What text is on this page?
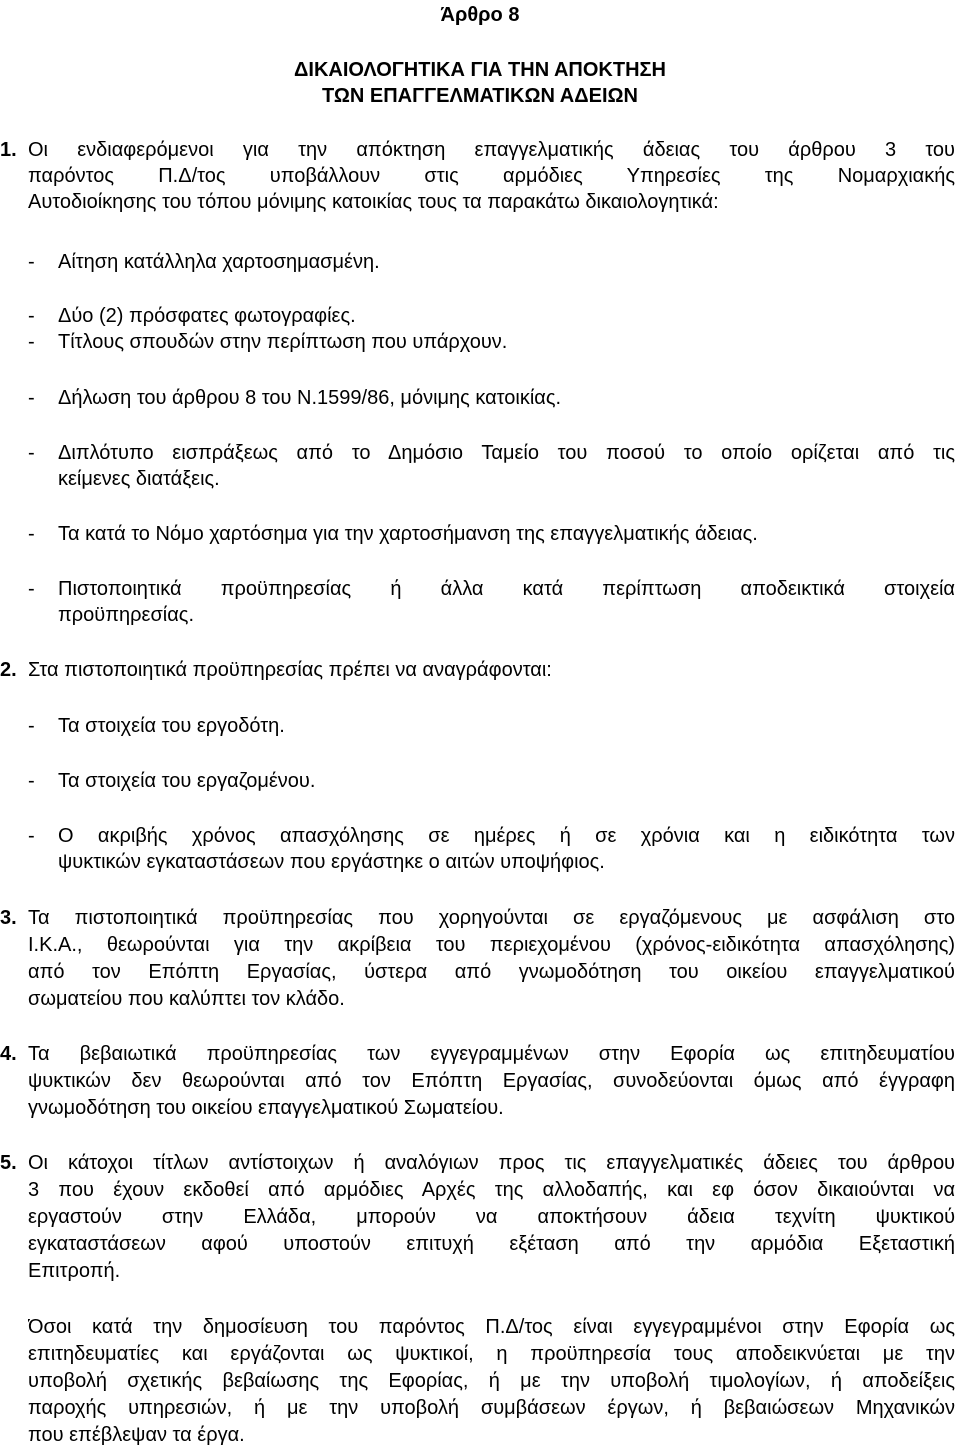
Άρθρο 8
ΔΙΚΑΙΟΛΟΓΗΤΙΚΑ ΓΙΑ ΤΗΝ ΑΠΟΚΤΗΣΗ
ΤΩΝ ΕΠΑΓΓΕΛΜΑΤΙΚΩΝ ΑΔΕΙΩΝ
1. Οι ενδιαφερόμενοι για την απόκτηση επαγγελματικής άδειας του άρθρου 3 του
παρόντος Π.Δ/τος υποβάλλουν στις αρμόδιες Υπηρεσίες της Νομαρχιακής
Αυτοδιοίκησης του τόπου μόνιμης κατοικίας τους τα παρακάτω δικαιολογητικά:
- Αίτηση κατάλληλα χαρτοσημασμένη.
- Δύο (2) πρόσφατες φωτογραφίες.
- Τίτλους σπουδών στην περίπτωση που υπάρχουν.
- Δήλωση του άρθρου 8 του Ν.1599/86, μόνιμης κατοικίας.
- Διπλότυπο εισπράξεως από το Δημόσιο Ταμείο του ποσού το οποίο ορίζεται από τις
κείμενες διατάξεις.
- Τα κατά το Νόμο χαρτόσημα για την χαρτοσήμανση της επαγγελματικής άδειας.
- Πιστοποιητικά προϋπηρεσίας ή άλλα κατά περίπτωση αποδεικτικά στοιχεία
προϋπηρεσίας.
2. Στα πιστοποιητικά προϋπηρεσίας πρέπει να αναγράφονται:
- Τα στοιχεία του εργοδότη.
- Τα στοιχεία του εργαζομένου.
- Ο ακριβής χρόνος απασχόλησης σε ημέρες ή σε χρόνια και η ειδικότητα των
ψυκτικών εγκαταστάσεων που εργάστηκε ο αιτών υποψήφιος.
3. Τα πιστοποιητικά προϋπηρεσίας που χορηγούνται σε εργαζόμενους με ασφάλιση στο
Ι.Κ.Α., θεωρούνται για την ακρίβεια του περιεχομένου (χρόνος-ειδικότητα απασχόλησης)
από τον Επόπτη Εργασίας, ύστερα από γνωμοδότηση του οικείου επαγγελματικού
σωματείου που καλύπτει τον κλάδο.
4. Τα βεβαιωτικά προϋπηρεσίας των εγγεγραμμένων στην Εφορία ως επιτηδευματίου
ψυκτικών δεν θεωρούνται από τον Επόπτη Εργασίας, συνοδεύονται όμως από έγγραφη
γνωμοδότηση του οικείου επαγγελματικού Σωματείου.
5. Οι κάτοχοι τίτλων αντίστοιχων ή αναλόγιων προς τις επαγγελματικές άδειες του άρθρου
3 που έχουν εκδοθεί από αρμόδιες Αρχές της αλλοδαπής, και εφ όσον δικαιούνται να
εργαστούν στην Ελλάδα, μπορούν να αποκτήσουν άδεια τεχνίτη ψυκτικού
εγκαταστάσεων αφού υποστούν επιτυχή εξέταση από την αρμόδια Εξεταστική
Επιτροπή.
Όσοι κατά την δημοσίευση του παρόντος Π.Δ/τος είναι εγγεγραμμένοι στην Εφορία ως
επιτηδευματίες και εργάζονται ως ψυκτικοί, η προϋπηρεσία τους αποδεικνύεται με την
υποβολή σχετικής βεβαίωσης της Εφορίας, ή με την υποβολή τιμολογίων, ή αποδείξεις
παροχής υπηρεσιών, ή με την υποβολή συμβάσεων έργων, ή βεβαιώσεων Μηχανικών
που επέβλεψαν τα έργα.
